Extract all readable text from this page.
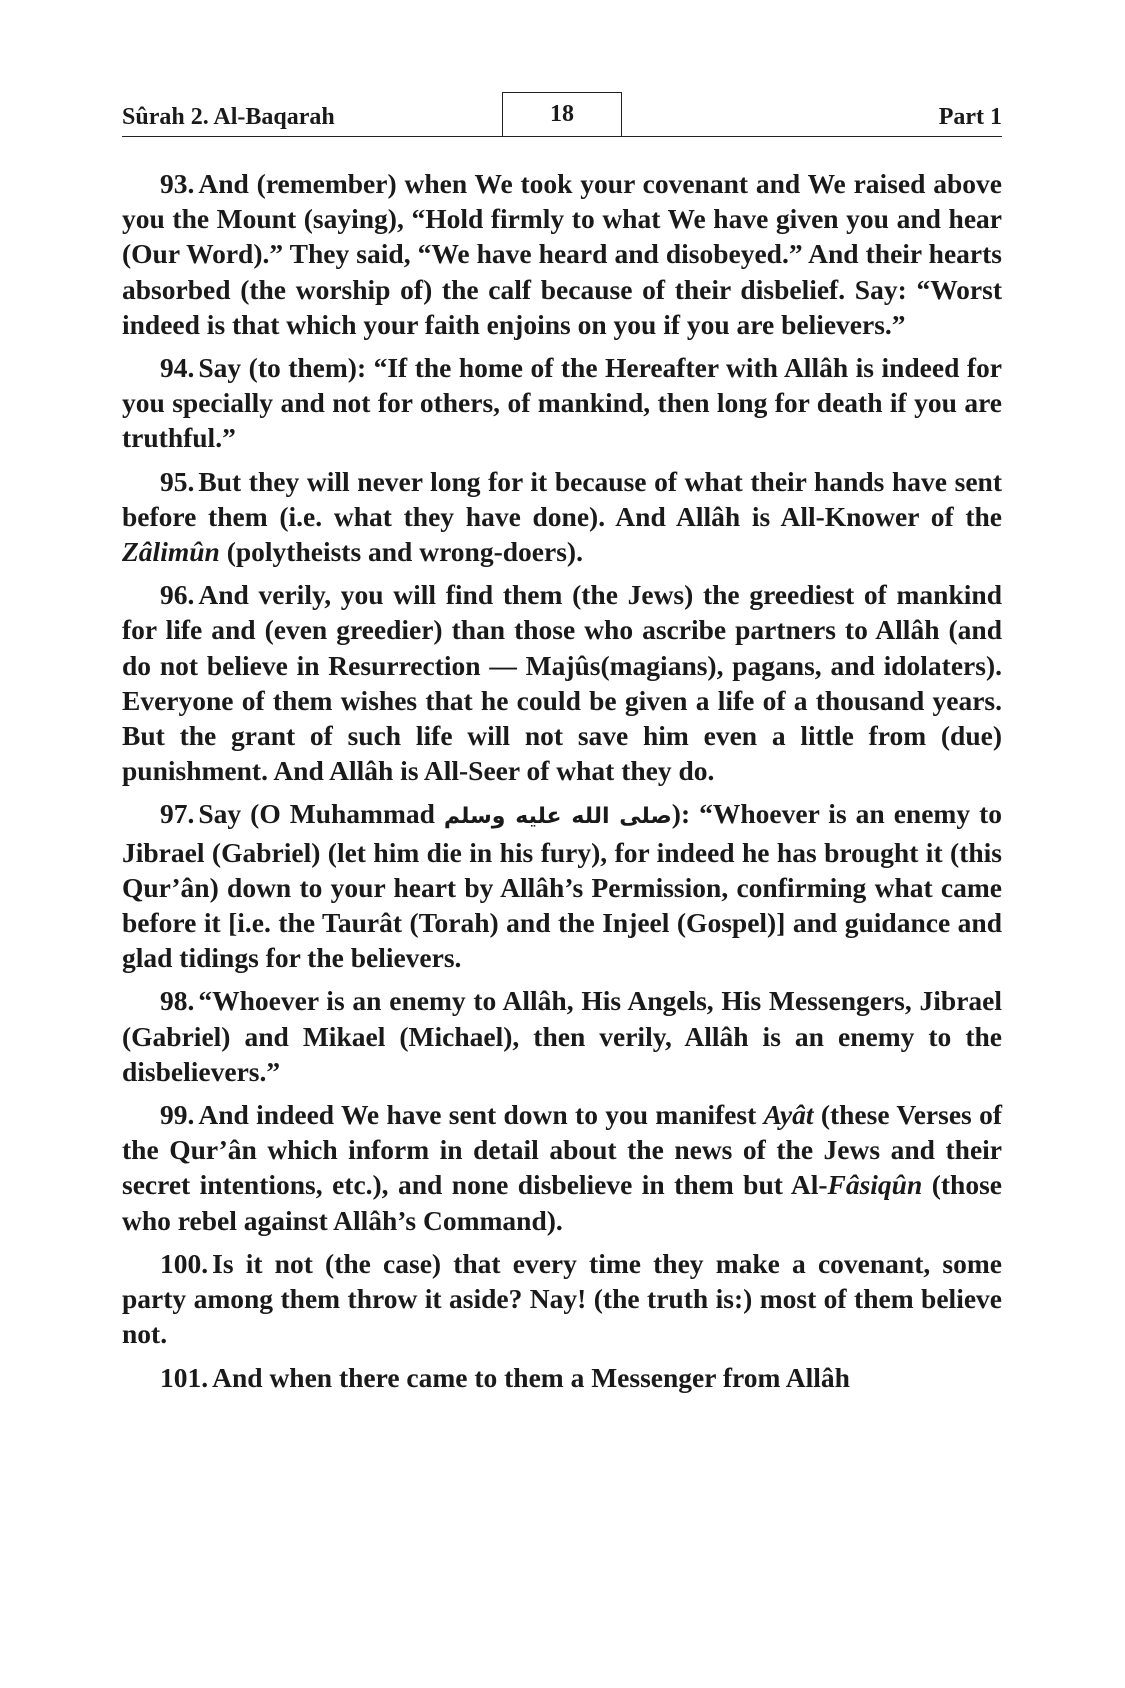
Sûrah 2. Al-Baqarah	18	Part 1

93. And (remember) when We took your covenant and We raised above you the Mount (saying), “Hold firmly to what We have given you and hear (Our Word).” They said, “We have heard and disobeyed.” And their hearts absorbed (the worship of) the calf because of their disbelief. Say: “Worst indeed is that which your faith enjoins on you if you are believers.”

94. Say (to them): “If the home of the Hereafter with Allâh is indeed for you specially and not for others, of mankind, then long for death if you are truthful.”

95. But they will never long for it because of what their hands have sent before them (i.e. what they have done). And Allâh is All-Knower of the Zâlimûn (polytheists and wrong-doers).

96. And verily, you will find them (the Jews) the greediest of mankind for life and (even greedier) than those who ascribe partners to Allâh (and do not believe in Resurrection — Majûs(magians), pagans, and idolaters). Everyone of them wishes that he could be given a life of a thousand years. But the grant of such life will not save him even a little from (due) punishment. And Allâh is All-Seer of what they do.

97. Say (O Muhammad صلى الله عليه وسلم): “Whoever is an enemy to Jibrael (Gabriel) (let him die in his fury), for indeed he has brought it (this Qur’ân) down to your heart by Allâh’s Permission, confirming what came before it [i.e. the Taurât (Torah) and the Injeel (Gospel)] and guidance and glad tidings for the believers.

98. “Whoever is an enemy to Allâh, His Angels, His Messengers, Jibrael (Gabriel) and Mikael (Michael), then verily, Allâh is an enemy to the disbelievers.”

99. And indeed We have sent down to you manifest Ayât (these Verses of the Qur’ân which inform in detail about the news of the Jews and their secret intentions, etc.), and none disbelieve in them but Al-Fâsiqûn (those who rebel against Allâh’s Command).

100. Is it not (the case) that every time they make a covenant, some party among them throw it aside? Nay! (the truth is:) most of them believe not.

101. And when there came to them a Messenger from Allâh
